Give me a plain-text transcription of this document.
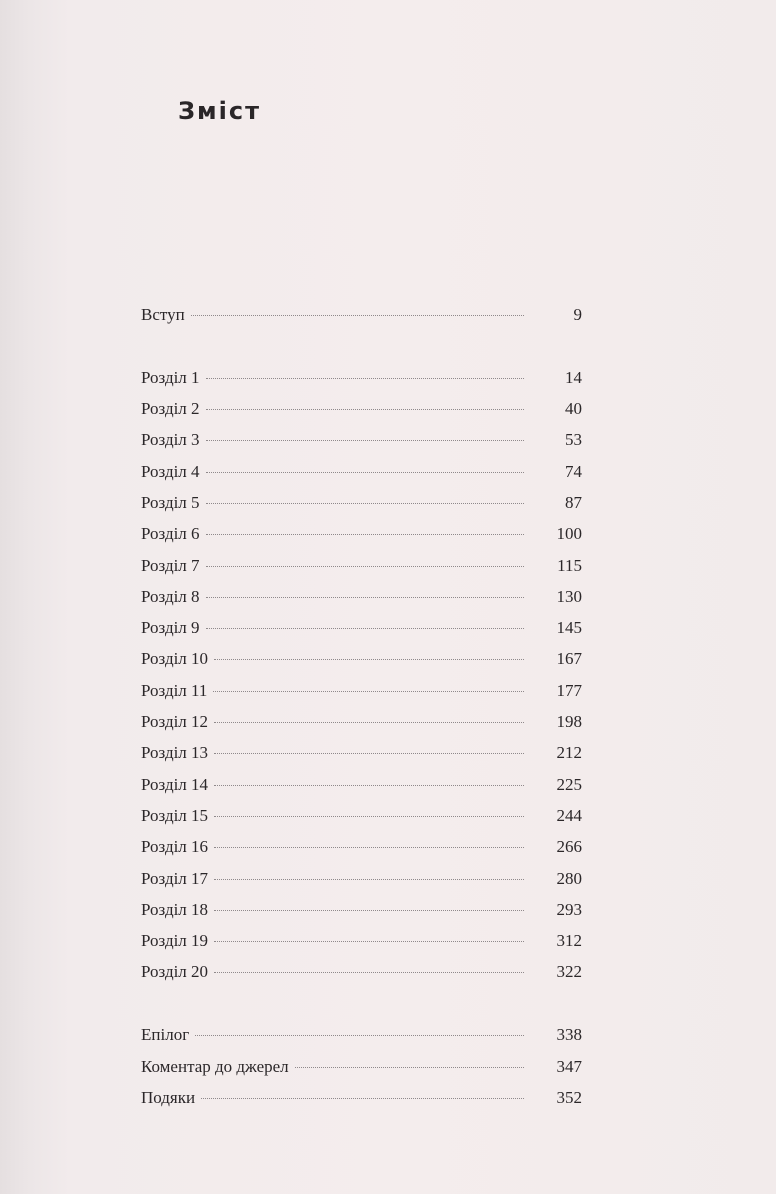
Зміст
Вступ	9
Розділ 1	14
Розділ 2	40
Розділ 3	53
Розділ 4	74
Розділ 5	87
Розділ 6	100
Розділ 7	115
Розділ 8	130
Розділ 9	145
Розділ 10	167
Розділ 11	177
Розділ 12	198
Розділ 13	212
Розділ 14	225
Розділ 15	244
Розділ 16	266
Розділ 17	280
Розділ 18	293
Розділ 19	312
Розділ 20	322
Епілог	338
Коментар до джерел	347
Подяки	352
